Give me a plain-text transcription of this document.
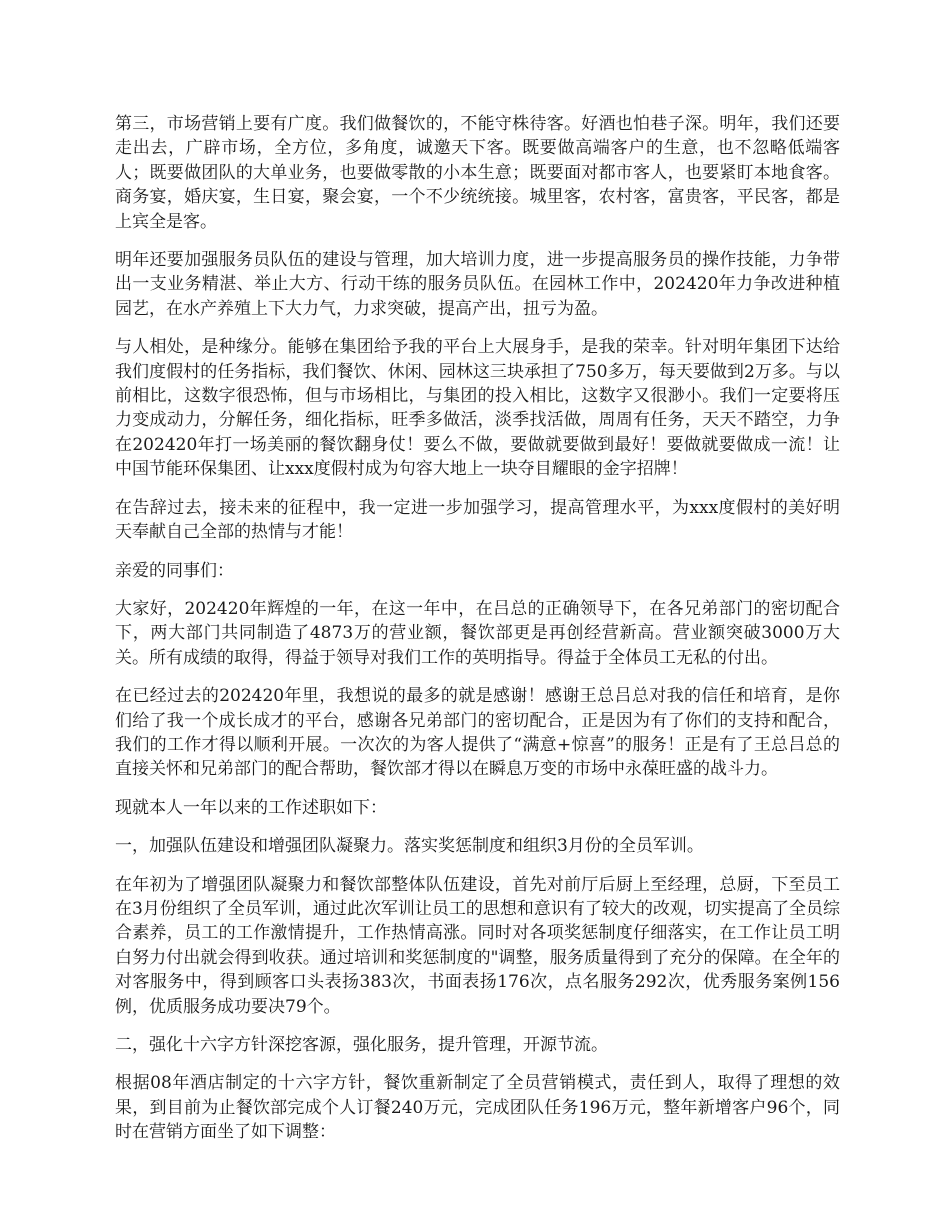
第三，市场营销上要有广度。我们做餐饮的，不能守株待客。好酒也怕巷子深。明年，我们还要走出去，广辟市场，全方位，多角度，诚邀天下客。既要做高端客户的生意，也不忽略低端客人；既要做团队的大单业务，也要做零散的小本生意；既要面对都市客人，也要紧盯本地食客。商务宴，婚庆宴，生日宴，聚会宴，一个不少统统接。城里客，农村客，富贵客，平民客，都是上宾全是客。

明年还要加强服务员队伍的建设与管理，加大培训力度，进一步提高服务员的操作技能，力争带出一支业务精湛、举止大方、行动干练的服务员队伍。在园林工作中，202420年力争改进种植园艺，在水产养殖上下大力气，力求突破，提高产出，扭亏为盈。

与人相处，是种缘分。能够在集团给予我的平台上大展身手，是我的荣幸。针对明年集团下达给我们度假村的任务指标，我们餐饮、休闲、园林这三块承担了750多万，每天要做到2万多。与以前相比，这数字很恐怖，但与市场相比，与集团的投入相比，这数字又很渺小。我们一定要将压力变成动力，分解任务，细化指标，旺季多做活，淡季找活做，周周有任务，天天不踏空，力争在202420年打一场美丽的餐饮翻身仗！要么不做，要做就要做到最好！要做就要做成一流！让中国节能环保集团、让xxx度假村成为句容大地上一块夺目耀眼的金字招牌！

在告辞过去，接未来的征程中，我一定进一步加强学习，提高管理水平，为xxx度假村的美好明天奉献自己全部的热情与才能！

亲爱的同事们：

大家好，202420年辉煌的一年，在这一年中，在吕总的正确领导下，在各兄弟部门的密切配合下，两大部门共同制造了4873万的营业额，餐饮部更是再创经营新高。营业额突破3000万大关。所有成绩的取得，得益于领导对我们工作的英明指导。得益于全体员工无私的付出。

在已经过去的202420年里，我想说的最多的就是感谢！感谢王总吕总对我的信任和培育，是你们给了我一个成长成才的平台，感谢各兄弟部门的密切配合，正是因为有了你们的支持和配合，我们的工作才得以顺利开展。一次次的为客人提供了“满意+惊喜”的服务！正是有了王总吕总的直接关怀和兄弟部门的配合帮助，餐饮部才得以在瞬息万变的市场中永葆旺盛的战斗力。

现就本人一年以来的工作述职如下：

一，加强队伍建设和增强团队凝聚力。落实奖惩制度和组织3月份的全员军训。

在年初为了增强团队凝聚力和餐饮部整体队伍建设，首先对前厅后厨上至经理，总厨，下至员工在3月份组织了全员军训，通过此次军训让员工的思想和意识有了较大的改观，切实提高了全员综合素养，员工的工作激情提升，工作热情高涨。同时对各项奖惩制度仔细落实，在工作让员工明白努力付出就会得到收获。通过培训和奖惩制度的"调整，服务质量得到了充分的保障。在全年的对客服务中，得到顾客口头表扬383次，书面表扬176次，点名服务292次，优秀服务案例156例，优质服务成功要决79个。

二，强化十六字方针深挖客源，强化服务，提升管理，开源节流。

根据08年酒店制定的十六字方针，餐饮重新制定了全员营销模式，责任到人，取得了理想的效果，到目前为止餐饮部完成个人订餐240万元，完成团队任务196万元，整年新增客户96个，同时在营销方面坐了如下调整：
